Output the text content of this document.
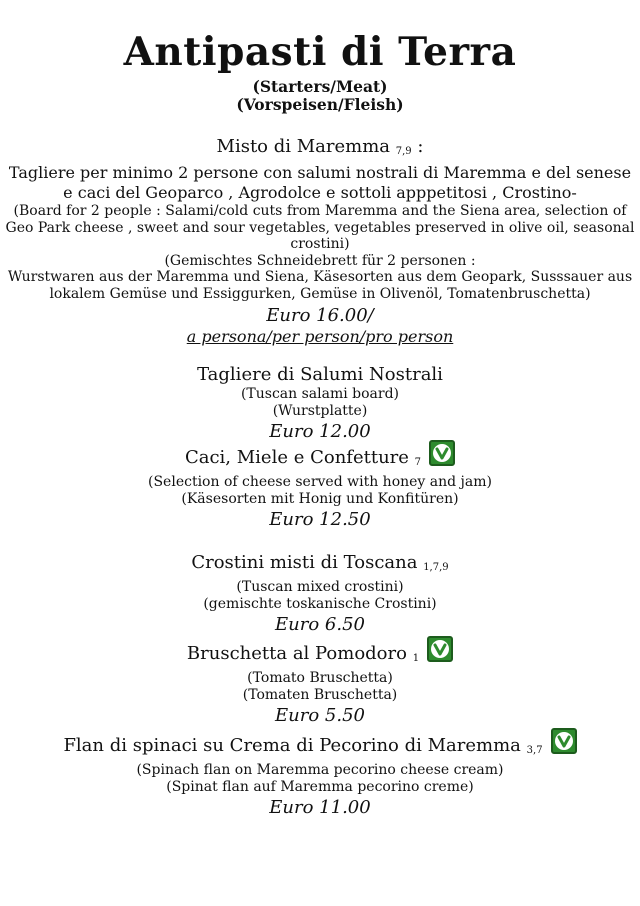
Antipasti di Terra

(Starters/Meat)

(Vorspeisen/Fleish)

Misto di Maremma 7,9 :

Tagliere per minimo 2 persone con salumi nostrali di Maremma e del senese

e caci del Geoparco , Agrodolce e sottoli apppetitosi , Crostino-

(Board for 2 people : Salami/cold cuts from Maremma and the Siena area, selection of

Geo Park cheese , sweet and sour vegetables, vegetables preserved in olive oil, seasonal

crostini)

(Gemischtes Schneidebrett für 2 personen :

Wurstwaren aus der Maremma und Siena, Käsesorten aus dem Geopark, Susssauer aus

lokalem Gemüse und Essiggurken, Gemüse in Olivenöl, Tomatenbruschetta)

Euro 16.00/

a persona/per person/pro person

Tagliere di Salumi Nostrali

(Tuscan salami board)

(Wurstplatte)

Euro 12.00

Caci, Miele e Confetture 7

(Selection of cheese served with honey and jam)

(Käsesorten mit Honig und Konfitüren)

Euro 12.50

Crostini misti di Toscana 1,7,9

(Tuscan mixed crostini)

(gemischte toskanische Crostini)

Euro 6.50

Bruschetta al Pomodoro 1

(Tomato Bruschetta)

(Tomaten Bruschetta)

Euro 5.50

Flan di spinaci su Crema di Pecorino di Maremma 3,7

(Spinach flan on Maremma pecorino cheese cream)

(Spinat flan auf Maremma pecorino creme)

Euro 11.00
